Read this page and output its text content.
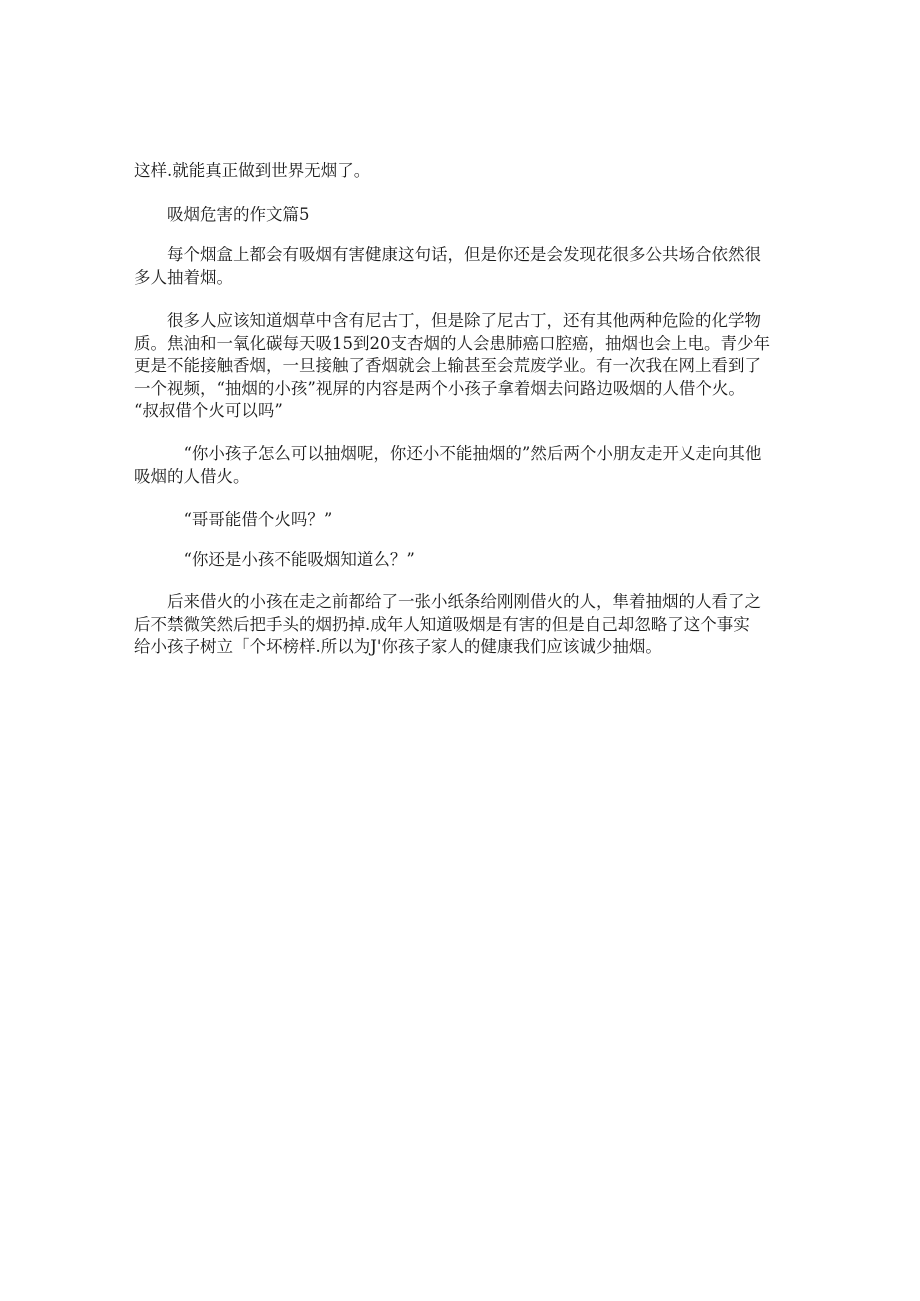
这样.就能真正做到世界无烟了。

　　吸烟危害的作文篇5

　　每个烟盒上都会有吸烟有害健康这句话，但是你还是会发现花很多公共场合依然很
多人抽着烟。

　　很多人应该知道烟草中含有尼古丁，但是除了尼古丁，还有其他两种危险的化学物
质。焦油和一氧化碳每天吸15到20支杏烟的人会患肺癌口腔癌，抽烟也会上电。青少年
更是不能接触香烟，一旦接触了香烟就会上输甚至会荒废学业。有一次我在网上看到了
一个视频，“抽烟的小孩”视屏的内容是两个小孩子拿着烟去问路边吸烟的人借个火。
“叔叔借个火可以吗”

　　　“你小孩子怎么可以抽烟呢，你还小不能抽烟的”然后两个小朋友走开乂走向其他
吸烟的人借火。

　　　“哥哥能借个火吗？”

　　　“你还是小孩不能吸烟知道么？”

　　后来借火的小孩在走之前都给了一张小纸条给刚刚借火的人，隼着抽烟的人看了之
后不禁微笑然后把手头的烟扔掉.成年人知道吸烟是有害的但是自己却忽略了这个事实
给小孩子树立「个坏榜样.所以为J'你孩子家人的健康我们应该诚少抽烟。
